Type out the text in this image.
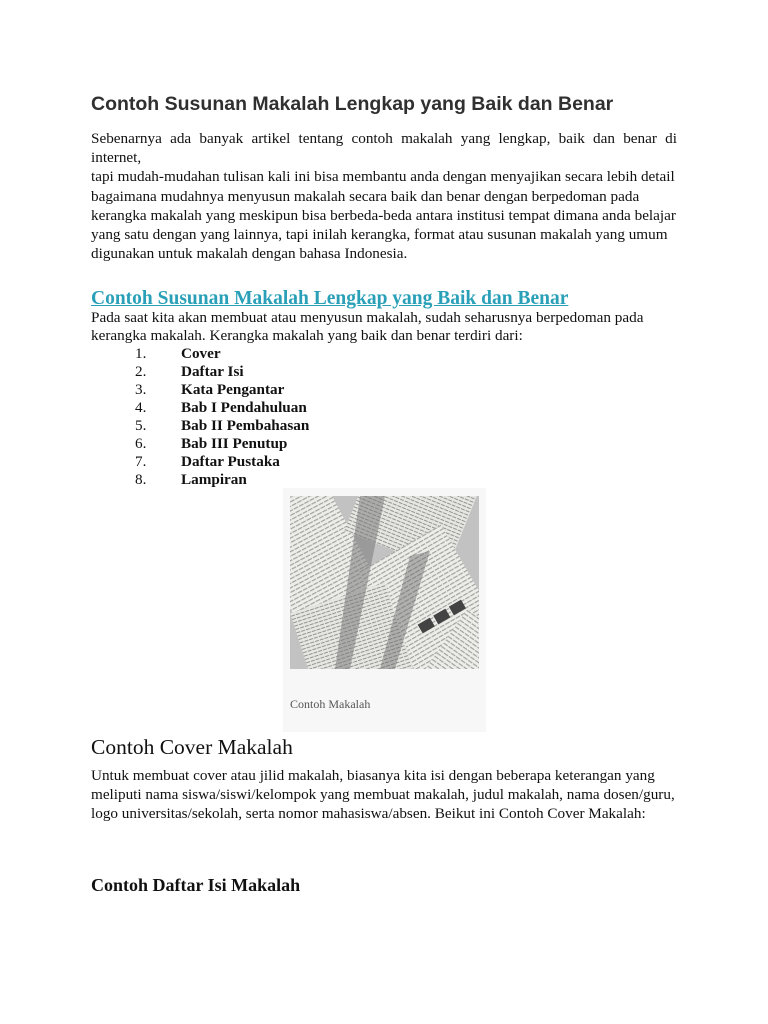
Contoh Susunan Makalah Lengkap yang Baik dan Benar

Sebenarnya ada banyak artikel tentang contoh makalah yang lengkap, baik dan benar di internet,
tapi mudah-mudahan tulisan kali ini bisa membantu anda dengan menyajikan secara lebih detail
bagaimana mudahnya menyusun makalah secara baik dan benar dengan berpedoman pada
kerangka makalah yang meskipun bisa berbeda-beda antara institusi tempat dimana anda belajar
yang satu dengan yang lainnya, tapi inilah kerangka, format atau susunan makalah yang umum
digunakan untuk makalah dengan bahasa Indonesia.

Contoh Susunan Makalah Lengkap yang Baik dan Benar

Pada saat kita akan membuat atau menyusun makalah, sudah seharusnya berpedoman pada
kerangka makalah. Kerangka makalah yang baik dan benar terdiri dari:

1.	Cover
2.	Daftar Isi
3.	Kata Pengantar
4.	Bab I Pendahuluan
5.	Bab II Pembahasan
6.	Bab III Penutup
7.	Daftar Pustaka
8.	Lampiran
Contoh Makalah
Contoh Cover Makalah

Untuk membuat cover atau jilid makalah, biasanya kita isi dengan beberapa keterangan yang
meliputi nama siswa/siswi/kelompok yang membuat makalah, judul makalah, nama dosen/guru,
logo universitas/sekolah, serta nomor mahasiswa/absen. Beikut ini Contoh Cover Makalah:

Contoh Daftar Isi Makalah
